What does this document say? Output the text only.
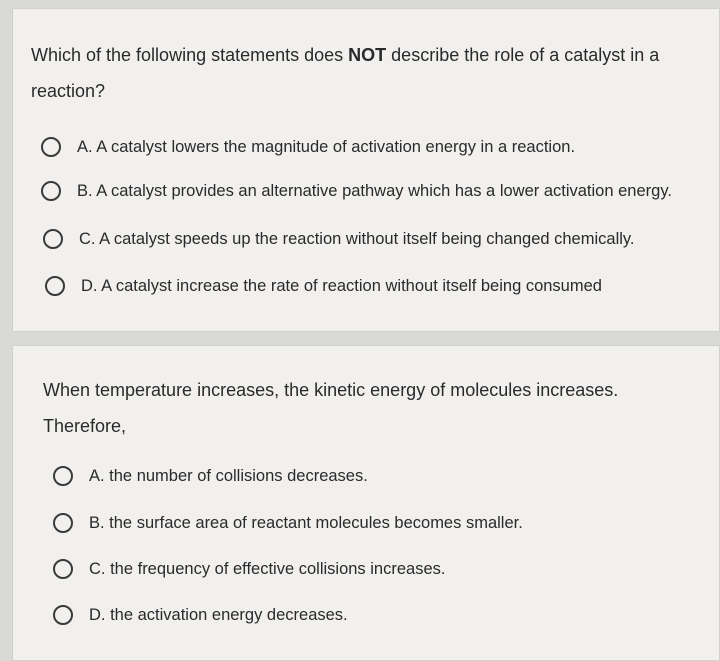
Which of the following statements does NOT describe the role of a catalyst in a
reaction?

A. A catalyst lowers the magnitude of activation energy in a reaction.
B. A catalyst provides an alternative pathway which has a lower activation energy.
C. A catalyst speeds up the reaction without itself being changed chemically.
D. A catalyst increase the rate of reaction without itself being consumed

When temperature increases, the kinetic energy of molecules increases.
Therefore,

A. the number of collisions decreases.
B. the surface area of reactant molecules becomes smaller.
C. the frequency of effective collisions increases.
D. the activation energy decreases.
